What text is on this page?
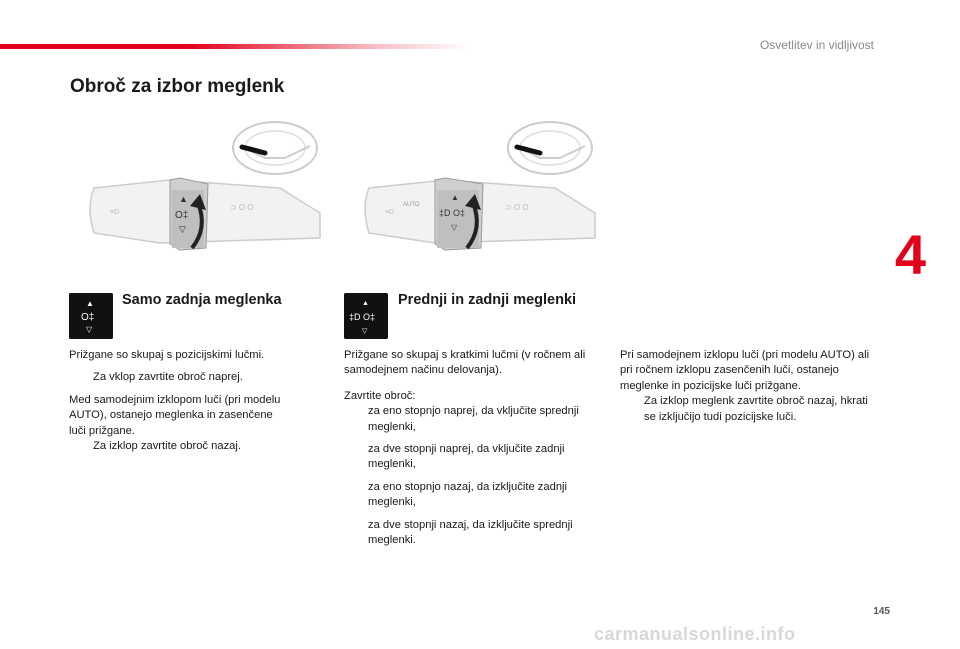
Osvetlitev in vidljivost
4
Obroč za izbor meglenk
▲
O‡
▽
⊃ O O
≡D
AUTO
▲
‡D O‡
▽
⊃ O O
≡D
▲
O‡
▽
Samo zadnja meglenka	▲
‡D O‡
▽
Prednji in zadnji meglenki

Prižgane so skupaj s pozicijskimi lučmi.

Za vklop zavrtite obroč naprej.

Med samodejnim izklopom luči (pri modelu AUTO), ostanejo meglenka in zasenčene luči prižgane.

Za izklop zavrtite obroč nazaj.

Prižgane so skupaj s kratkimi lučmi (v ročnem ali samodejnem načinu delovanja).

Zavrtite obroč:

za eno stopnjo naprej, da vključite sprednji meglenki,

za dve stopnji naprej, da vključite zadnji meglenki,

za eno stopnjo nazaj, da izključite zadnji meglenki,

za dve stopnji nazaj, da izključite sprednji meglenki.

Pri samodejnem izklopu luči (pri modelu AUTO) ali pri ročnem izklopu zasenčenih luči, ostanejo meglenke in pozicijske luči prižgane.

Za izklop meglenk zavrtite obroč nazaj, hkrati se izključijo tudi pozicijske luči.

145
carmanualsonline.info
